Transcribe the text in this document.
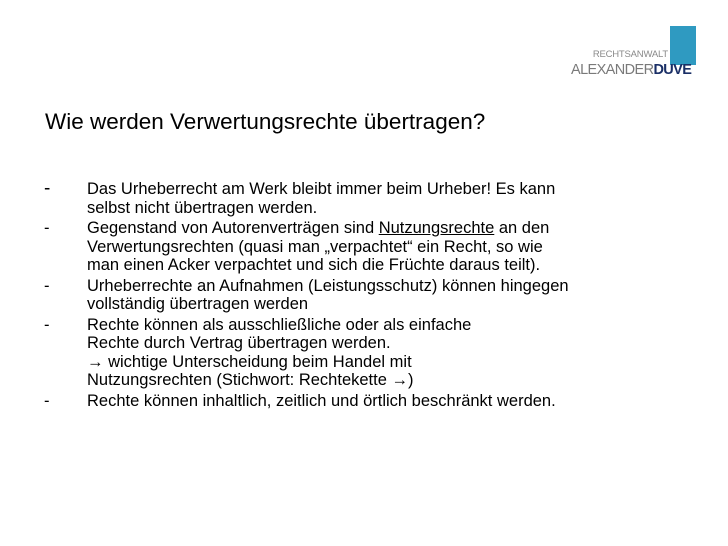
RECHTSANWALT
ALEXANDERDUVE
Wie werden Verwertungsrechte übertragen?
- Das Urheberrecht am Werk bleibt immer beim Urheber! Es kann
selbst nicht übertragen werden.
- Gegenstand von Autorenverträgen sind Nutzungsrechte an den
Verwertungsrechten (quasi man „verpachtet“ ein Recht, so wie
man einen Acker verpachtet und sich die Früchte daraus teilt).
- Urheberrechte an Aufnahmen (Leistungsschutz) können hingegen
vollständig übertragen werden
- Rechte können als ausschließliche oder als einfache
Rechte durch Vertrag übertragen werden.
→ wichtige Unterscheidung beim Handel mit
Nutzungsrechten (Stichwort: Rechtekette →)
- Rechte können inhaltlich, zeitlich und örtlich beschränkt werden.
